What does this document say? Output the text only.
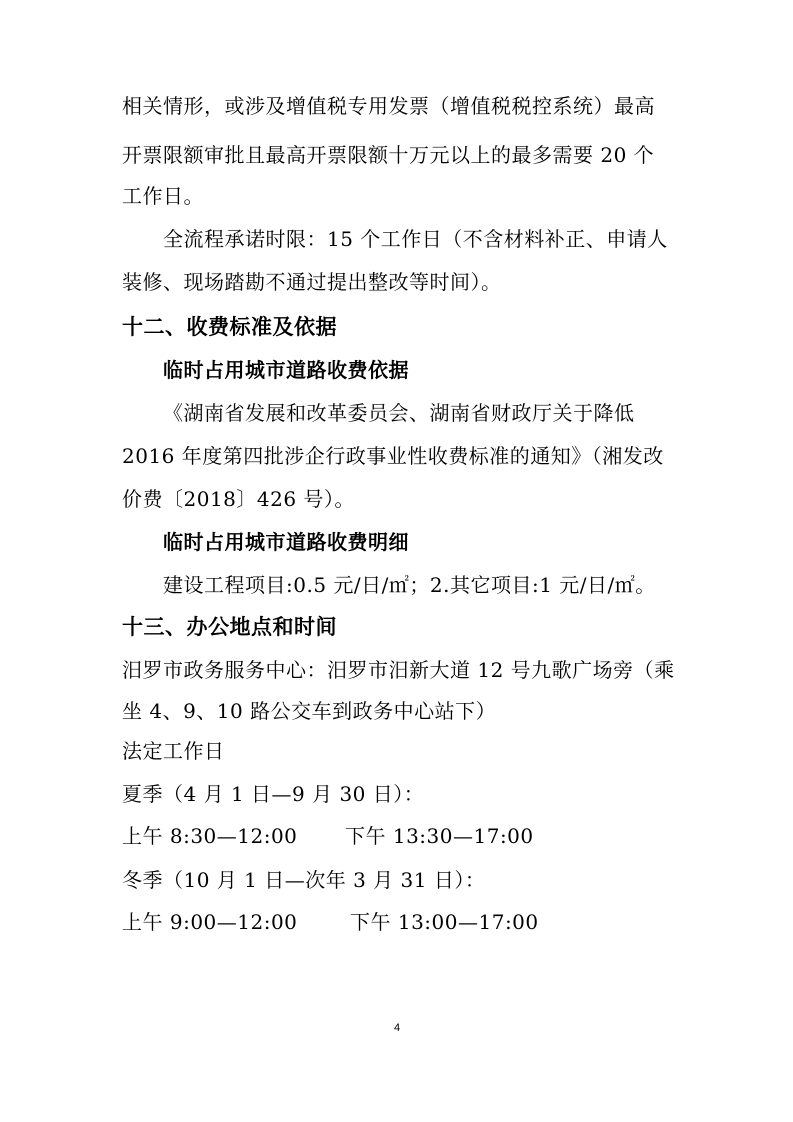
相关情形，或涉及增值税专用发票（增值税税控系统）最高
开票限额审批且最高开票限额十万元以上的最多需要 20 个
工作日。
全流程承诺时限：15 个工作日（不含材料补正、申请人
装修、现场踏勘不通过提出整改等时间）。
十二、收费标准及依据
临时占用城市道路收费依据
《湖南省发展和改革委员会、湖南省财政厅关于降低
2016 年度第四批涉企行政事业性收费标准的通知》（湘发改
价费〔2018〕426 号）。
临时占用城市道路收费明细
建设工程项目:0.5 元/日/㎡；2.其它项目:1 元/日/㎡。
十三、办公地点和时间
汨罗市政务服务中心：汨罗市汨新大道 12 号九歌广场旁（乘
坐 4、9、10 路公交车到政务中心站下）
法定工作日
夏季（4 月 1 日—9 月 30 日）：
上午 8:30—12:00 下午 13:30—17:00
冬季（10 月 1 日—次年 3 月 31 日）：
上午 9:00—12:00	下午 13:00—17:00
4
